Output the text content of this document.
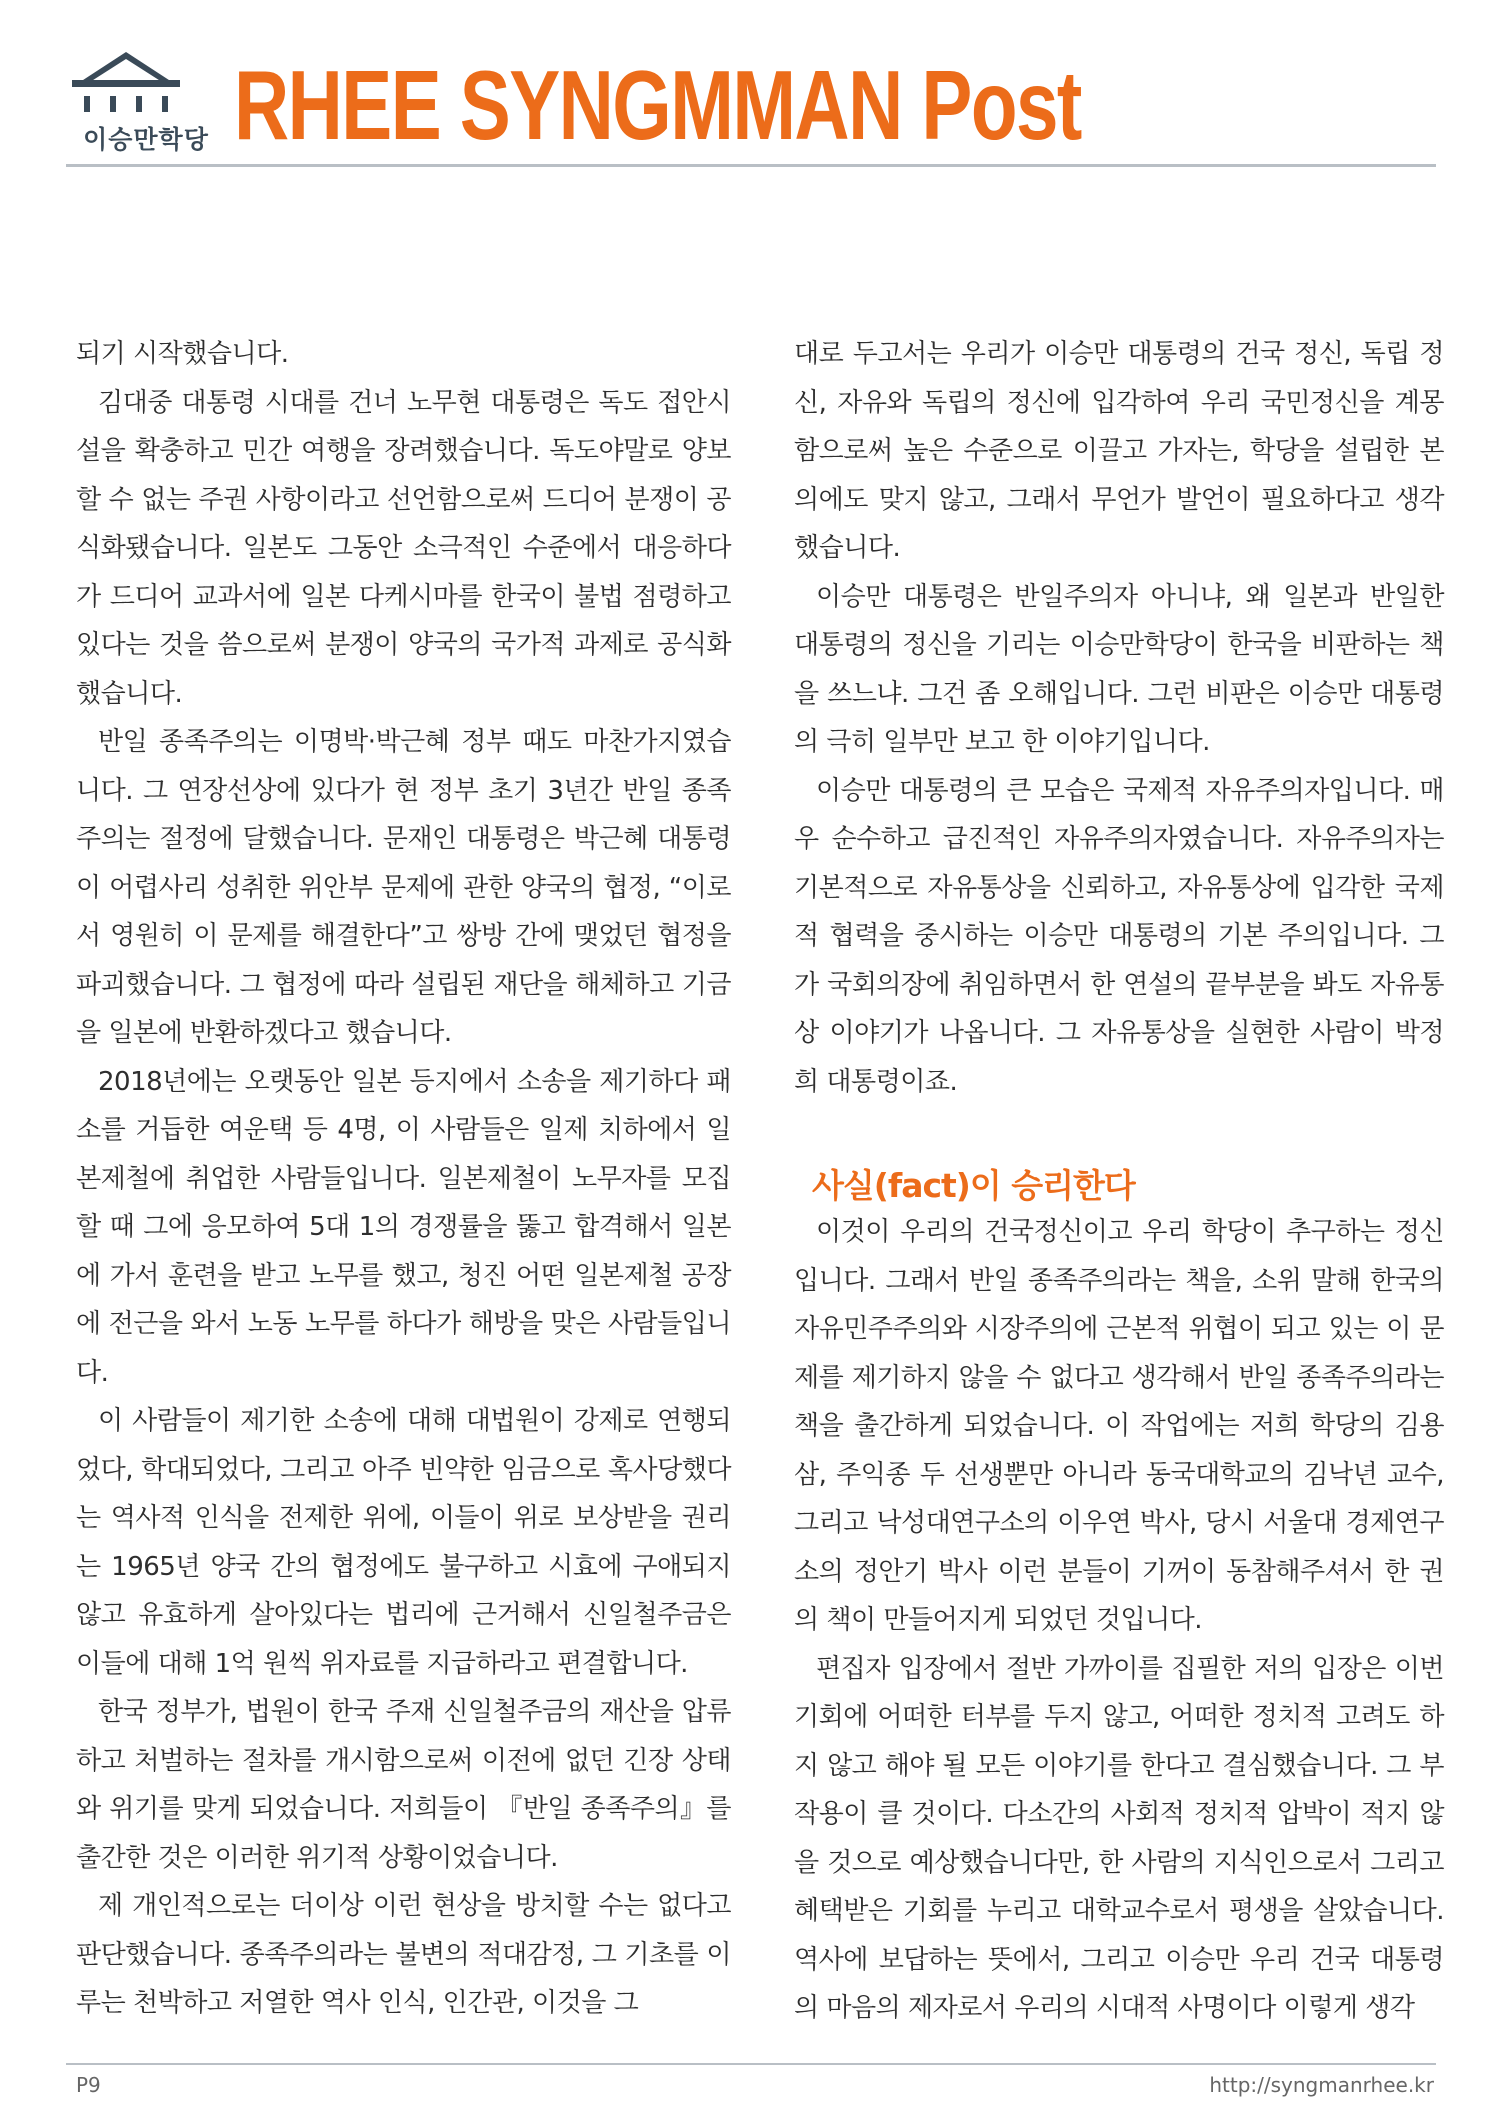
이승만학당 RHEE SYNGMMAN Post

되기 시작했습니다.

김대중 대통령 시대를 건너 노무현 대통령은 독도 접안시설을 확충하고 민간 여행을 장려했습니다. 독도야말로 양보할 수 없는 주권 사항이라고 선언함으로써 드디어 분쟁이 공식화됐습니다. 일본도 그동안 소극적인 수준에서 대응하다가 드디어 교과서에 일본 다케시마를 한국이 불법 점령하고 있다는 것을 씀으로써 분쟁이 양국의 국가적 과제로 공식화했습니다.

반일 종족주의는 이명박·박근혜 정부 때도 마찬가지였습니다. 그 연장선상에 있다가 현 정부 초기 3년간 반일 종족주의는 절정에 달했습니다. 문재인 대통령은 박근혜 대통령이 어렵사리 성취한 위안부 문제에 관한 양국의 협정, “이로서 영원히 이 문제를 해결한다”고 쌍방 간에 맺었던 협정을 파괴했습니다. 그 협정에 따라 설립된 재단을 해체하고 기금을 일본에 반환하겠다고 했습니다.

2018년에는 오랫동안 일본 등지에서 소송을 제기하다 패소를 거듭한 여운택 등 4명, 이 사람들은 일제 치하에서 일본제철에 취업한 사람들입니다. 일본제철이 노무자를 모집할 때 그에 응모하여 5대 1의 경쟁률을 뚫고 합격해서 일본에 가서 훈련을 받고 노무를 했고, 청진 어떤 일본제철 공장에 전근을 와서 노동 노무를 하다가 해방을 맞은 사람들입니다.

이 사람들이 제기한 소송에 대해 대법원이 강제로 연행되었다, 학대되었다, 그리고 아주 빈약한 임금으로 혹사당했다는 역사적 인식을 전제한 위에, 이들이 위로 보상받을 권리는 1965년 양국 간의 협정에도 불구하고 시효에 구애되지 않고 유효하게 살아있다는 법리에 근거해서 신일철주금은 이들에 대해 1억 원씩 위자료를 지급하라고 편결합니다.

한국 정부가, 법원이 한국 주재 신일철주금의 재산을 압류하고 처벌하는 절차를 개시함으로써 이전에 없던 긴장 상태와 위기를 맞게 되었습니다. 저희들이 『반일 종족주의』를 출간한 것은 이러한 위기적 상황이었습니다.

제 개인적으로는 더이상 이런 현상을 방치할 수는 없다고 판단했습니다. 종족주의라는 불변의 적대감정, 그 기초를 이루는 천박하고 저열한 역사 인식, 인간관, 이것을 그

대로 두고서는 우리가 이승만 대통령의 건국 정신, 독립 정신, 자유와 독립의 정신에 입각하여 우리 국민정신을 계몽함으로써 높은 수준으로 이끌고 가자는, 학당을 설립한 본의에도 맞지 않고, 그래서 무언가 발언이 필요하다고 생각했습니다.

이승만 대통령은 반일주의자 아니냐, 왜 일본과 반일한 대통령의 정신을 기리는 이승만학당이 한국을 비판하는 책을 쓰느냐. 그건 좀 오해입니다. 그런 비판은 이승만 대통령의 극히 일부만 보고 한 이야기입니다.

이승만 대통령의 큰 모습은 국제적 자유주의자입니다. 매우 순수하고 급진적인 자유주의자였습니다. 자유주의자는 기본적으로 자유통상을 신뢰하고, 자유통상에 입각한 국제적 협력을 중시하는 이승만 대통령의 기본 주의입니다. 그가 국회의장에 취임하면서 한 연설의 끝부분을 봐도 자유통상 이야기가 나옵니다. 그 자유통상을 실현한 사람이 박정희 대통령이죠.

사실(fact)이 승리한다

이것이 우리의 건국정신이고 우리 학당이 추구하는 정신입니다. 그래서 반일 종족주의라는 책을, 소위 말해 한국의 자유민주주의와 시장주의에 근본적 위협이 되고 있는 이 문제를 제기하지 않을 수 없다고 생각해서 반일 종족주의라는 책을 출간하게 되었습니다. 이 작업에는 저희 학당의 김용삼, 주익종 두 선생뿐만 아니라 동국대학교의 김낙년 교수, 그리고 낙성대연구소의 이우연 박사, 당시 서울대 경제연구소의 정안기 박사 이런 분들이 기꺼이 동참해주셔서 한 권의 책이 만들어지게 되었던 것입니다.

편집자 입장에서 절반 가까이를 집필한 저의 입장은 이번 기회에 어떠한 터부를 두지 않고, 어떠한 정치적 고려도 하지 않고 해야 될 모든 이야기를 한다고 결심했습니다. 그 부작용이 클 것이다. 다소간의 사회적 정치적 압박이 적지 않을 것으로 예상했습니다만, 한 사람의 지식인으로서 그리고 혜택받은 기회를 누리고 대학교수로서 평생을 살았습니다. 역사에 보답하는 뜻에서, 그리고 이승만 우리 건국 대통령의 마음의 제자로서 우리의 시대적 사명이다 이렇게 생각

P9	http://syngmanrhee.kr
